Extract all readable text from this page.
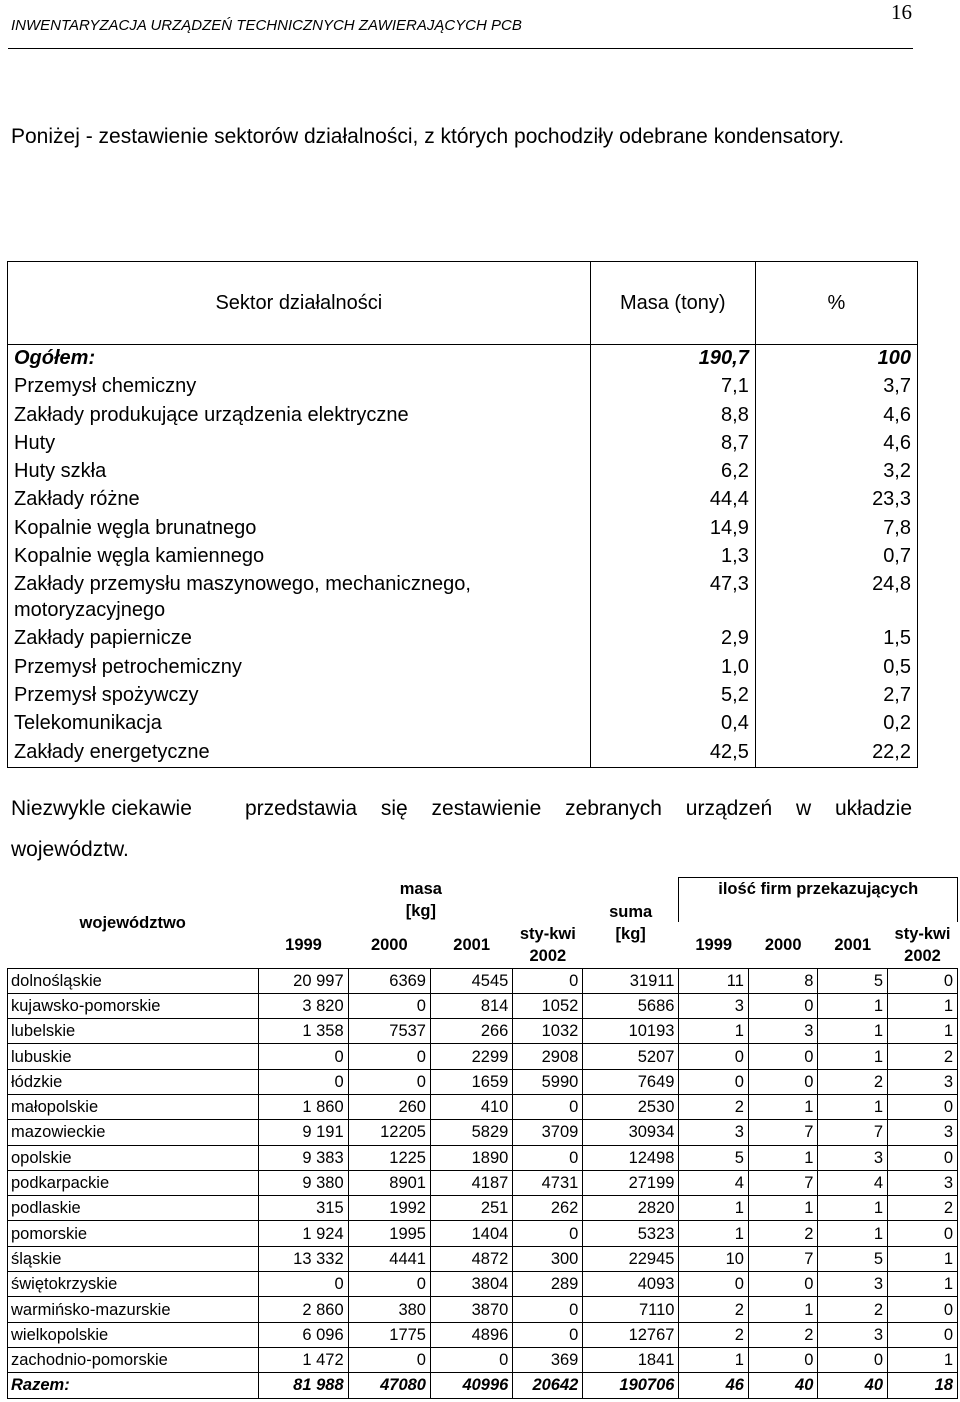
INWENTARYZACJA URZĄDZEŃ TECHNICZNYCH ZAWIERAJĄCYCH PCB
16
Poniżej - zestawienie sektorów działalności, z których pochodziły odebrane kondensatory.
Sektor działalności	Masa (tony)	%
Ogółem:	190,7	100
Przemysł chemiczny	7,1	3,7
Zakłady produkujące urządzenia elektryczne	8,8	4,6
Huty	8,7	4,6
Huty szkła	6,2	3,2
Zakłady różne	44,4	23,3
Kopalnie węgla brunatnego	14,9	7,8
Kopalnie węgla kamiennego	1,3	0,7
Zakłady przemysłu maszynowego, mechanicznego, motoryzacyjnego	47,3	24,8
Zakłady papiernicze	2,9	1,5
Przemysł petrochemiczny	1,0	0,5
Przemysł spożywczy	5,2	2,7
Telekomunikacja	0,4	0,2
Zakłady energetyczne	42,5	22,2
Niezwykle ciekawie	przedstawia się zestawienie zebranych urządzeń w układzie
województw.
województwo	masa [kg]				suma [kg]	ilość firm przekazujących			
	1999	2000	2001	sty-kwi 2002		1999	2000	2001	sty-kwi 2002
dolnośląskie	20 997	6369	4545	0	31911	11	8	5	0
kujawsko-pomorskie	3 820	0	814	1052	5686	3	0	1	1
lubelskie	1 358	7537	266	1032	10193	1	3	1	1
lubuskie	0	0	2299	2908	5207	0	0	1	2
łódzkie	0	0	1659	5990	7649	0	0	2	3
małopolskie	1 860	260	410	0	2530	2	1	1	0
mazowieckie	9 191	12205	5829	3709	30934	3	7	7	3
opolskie	9 383	1225	1890	0	12498	5	1	3	0
podkarpackie	9 380	8901	4187	4731	27199	4	7	4	3
podlaskie	315	1992	251	262	2820	1	1	1	2
pomorskie	1 924	1995	1404	0	5323	1	2	1	0
śląskie	13 332	4441	4872	300	22945	10	7	5	1
świętokrzyskie	0	0	3804	289	4093	0	0	3	1
warmińsko-mazurskie	2 860	380	3870	0	7110	2	1	2	0
wielkopolskie	6 096	1775	4896	0	12767	2	2	3	0
zachodnio-pomorskie	1 472	0	0	369	1841	1	0	0	1
Razem:	81 988	47080	40996	20642	190706	46	40	40	18
